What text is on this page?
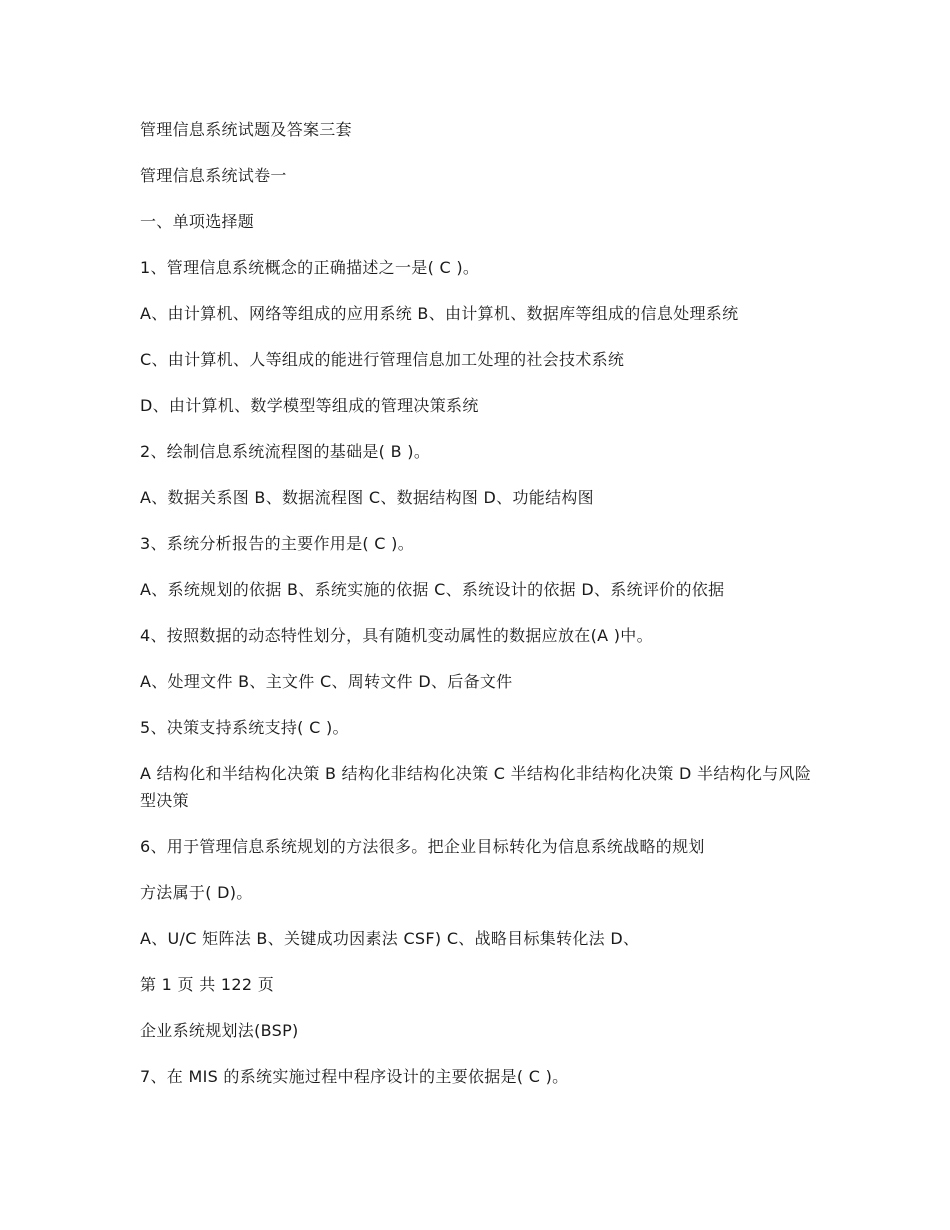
管理信息系统试题及答案三套

管理信息系统试卷一

一、单项选择题

1、管理信息系统概念的正确描述之一是( C )。

A、由计算机、网络等组成的应用系统 B、由计算机、数据库等组成的信息处理系统

C、由计算机、人等组成的能进行管理信息加工处理的社会技术系统

D、由计算机、数学模型等组成的管理决策系统

2、绘制信息系统流程图的基础是( B )。

A、数据关系图 B、数据流程图 C、数据结构图 D、功能结构图

3、系统分析报告的主要作用是( C )。

A、系统规划的依据 B、系统实施的依据 C、系统设计的依据 D、系统评价的依据

4、按照数据的动态特性划分，具有随机变动属性的数据应放在(A )中。

A、处理文件 B、主文件 C、周转文件 D、后备文件

5、决策支持系统支持( C )。

A 结构化和半结构化决策 B 结构化非结构化决策 C 半结构化非结构化决策 D 半结构化与风险型决策

6、用于管理信息系统规划的方法很多。把企业目标转化为信息系统战略的规划

方法属于( D)。

A、U/C 矩阵法 B、关键成功因素法 CSF) C、战略目标集转化法 D、

第 1 页 共 122 页

企业系统规划法(BSP)

7、在 MIS 的系统实施过程中程序设计的主要依据是( C )。
